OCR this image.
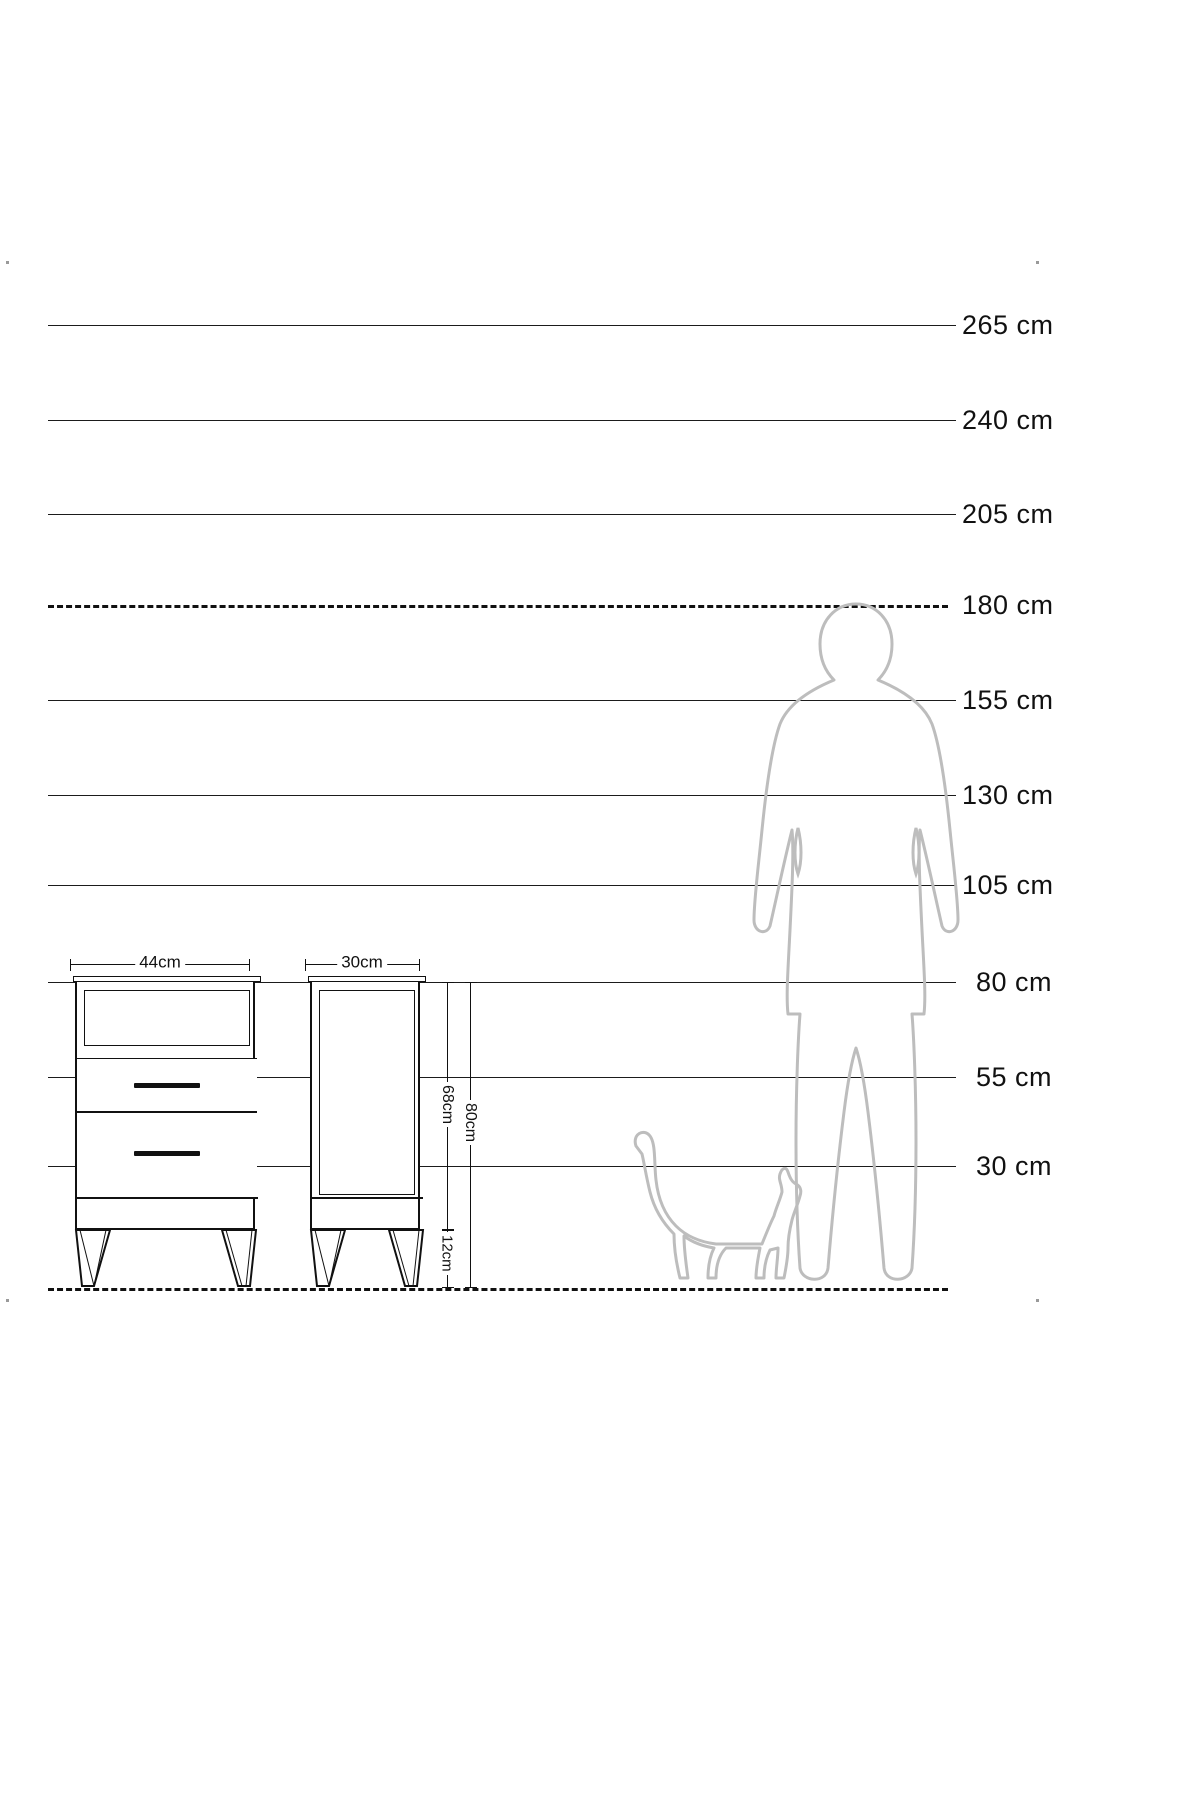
265 cm
240 cm
205 cm
180 cm
155 cm
130 cm
105 cm
80 cm
55 cm
30 cm
44cm	30cm
68cm 80cm
12cm
